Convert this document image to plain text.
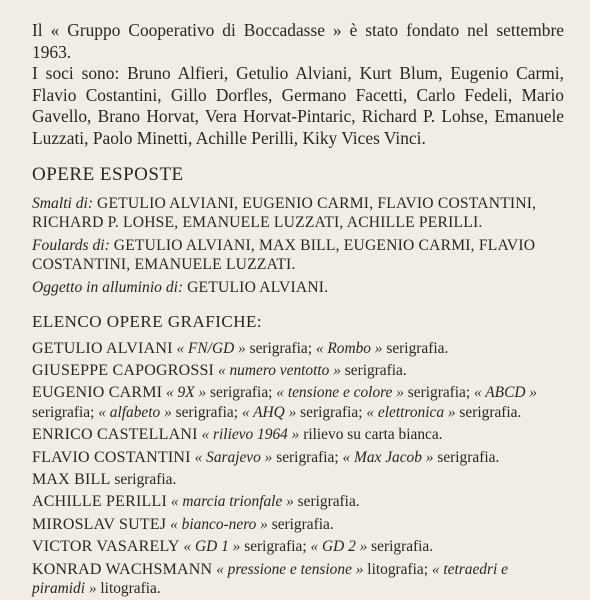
Il « Gruppo Cooperativo di Boccadasse » è stato fondato nel settembre 1963.

I soci sono: Bruno Alfieri, Getulio Alviani, Kurt Blum, Eugenio Carmi, Flavio Costantini, Gillo Dorfles, Germano Facetti, Carlo Fedeli, Mario Gavello, Brano Horvat, Vera Horvat-Pintaric, Richard P. Lohse, Emanuele Luzzati, Paolo Minetti, Achille Perilli, Kiky Vices Vinci.

OPERE ESPOSTE

Smalti di: GETULIO ALVIANI, EUGENIO CARMI, FLAVIO COSTANTINI, RICHARD P. LOHSE, EMANUELE LUZZATI, ACHILLE PERILLI.

Foulards di: GETULIO ALVIANI, MAX BILL, EUGENIO CARMI, FLAVIO COSTANTINI, EMANUELE LUZZATI.

Oggetto in alluminio di: GETULIO ALVIANI.

ELENCO OPERE GRAFICHE:

GETULIO ALVIANI « FN/GD » serigrafia; « Rombo » serigrafia.

GIUSEPPE CAPOGROSSI « numero ventotto » serigrafia.

EUGENIO CARMI « 9X » serigrafia; « tensione e colore » serigrafia; « ABCD » serigrafia; « alfabeto » serigrafia; « AHQ » serigrafia; « elettronica » serigrafia.

ENRICO CASTELLANI « rilievo 1964 » rilievo su carta bianca.

FLAVIO COSTANTINI « Sarajevo » serigrafia; « Max Jacob » serigrafia.

MAX BILL serigrafia.

ACHILLE PERILLI « marcia trionfale » serigrafia.

MIROSLAV SUTEJ « bianco-nero » serigrafia.

VICTOR VASARELY « GD 1 » serigrafia; « GD 2 » serigrafia.

KONRAD WACHSMANN « pressione e tensione » litografia; « tetraedri e piramidi » litografia.
